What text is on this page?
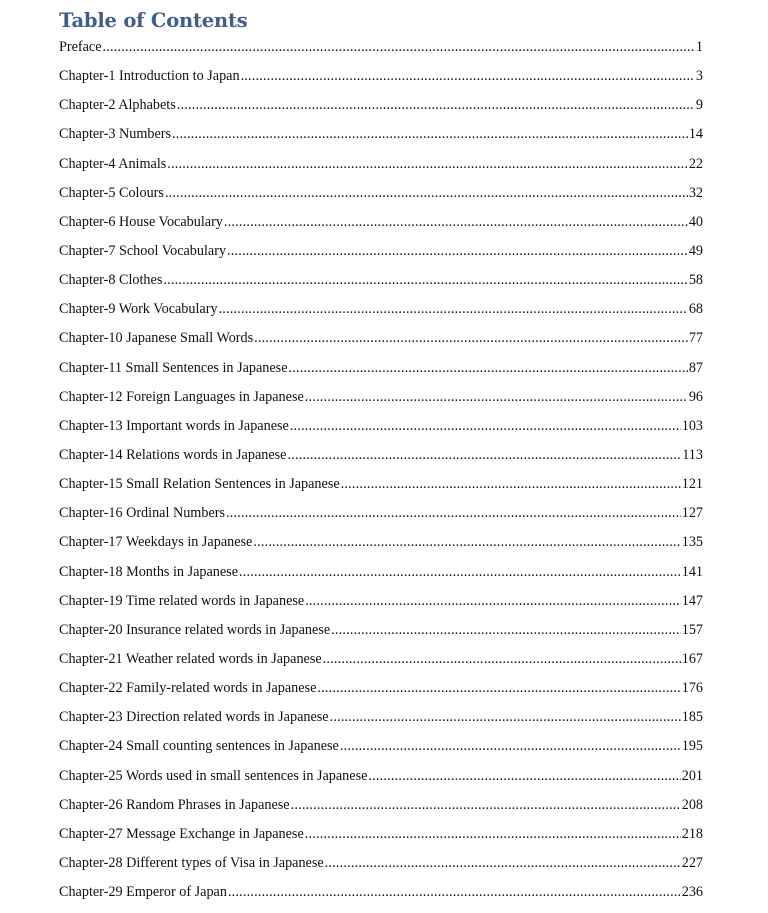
Table of Contents
Preface .....	1
Chapter-1 Introduction to Japan .....	3
Chapter-2 Alphabets .....	9
Chapter-3 Numbers .....	14
Chapter-4 Animals .....	22
Chapter-5 Colours .....	32
Chapter-6 House Vocabulary .....	40
Chapter-7 School Vocabulary .....	49
Chapter-8 Clothes .....	58
Chapter-9 Work Vocabulary .....	68
Chapter-10 Japanese Small Words .....	77
Chapter-11 Small Sentences in Japanese .....	87
Chapter-12 Foreign Languages in Japanese .....	96
Chapter-13 Important words in Japanese .....	103
Chapter-14 Relations words in Japanese .....	113
Chapter-15 Small Relation Sentences in Japanese .....	121
Chapter-16 Ordinal Numbers .....	127
Chapter-17 Weekdays in Japanese .....	135
Chapter-18 Months in Japanese .....	141
Chapter-19 Time related words in Japanese .....	147
Chapter-20 Insurance related words in Japanese .....	157
Chapter-21 Weather related words in Japanese .....	167
Chapter-22 Family-related words in Japanese .....	176
Chapter-23 Direction related words in Japanese .....	185
Chapter-24 Small counting sentences in Japanese .....	195
Chapter-25 Words used in small sentences in Japanese .....	201
Chapter-26 Random Phrases in Japanese .....	208
Chapter-27 Message Exchange in Japanese .....	218
Chapter-28 Different types of Visa in Japanese .....	227
Chapter-29 Emperor of Japan .....	236
